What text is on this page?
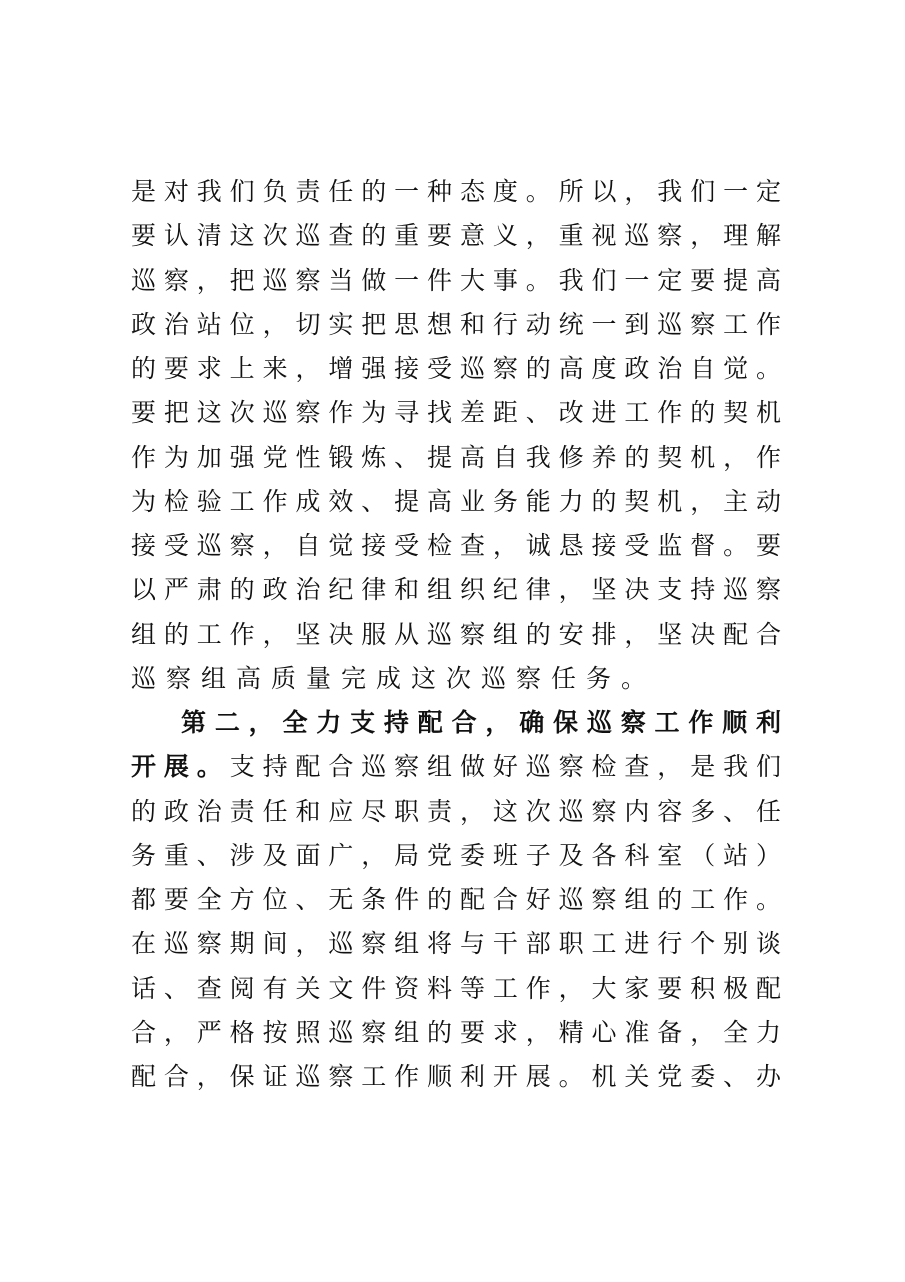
是对我们负责任的一种态度。所以，我们一定
要认清这次巡查的重要意义，重视巡察，理解
巡察，把巡察当做一件大事。我们一定要提高
政治站位，切实把思想和行动统一到巡察工作
的要求上来，增强接受巡察的高度政治自觉。
要把这次巡察作为寻找差距、改进工作的契机
作为加强党性锻炼、提高自我修养的契机，作
为检验工作成效、提高业务能力的契机，主动
接受巡察，自觉接受检查，诚恳接受监督。要
以严肃的政治纪律和组织纪律，坚决支持巡察
组的工作，坚决服从巡察组的安排，坚决配合
巡察组高质量完成这次巡察任务。
第二，全力支持配合，确保巡察工作顺利
开展。支持配合巡察组做好巡察检查，是我们
的政治责任和应尽职责，这次巡察内容多、任
务重、涉及面广，局党委班子及各科室（站）
都要全方位、无条件的配合好巡察组的工作。
在巡察期间，巡察组将与干部职工进行个别谈
话、查阅有关文件资料等工作，大家要积极配
合，严格按照巡察组的要求，精心准备，全力
配合，保证巡察工作顺利开展。机关党委、办
